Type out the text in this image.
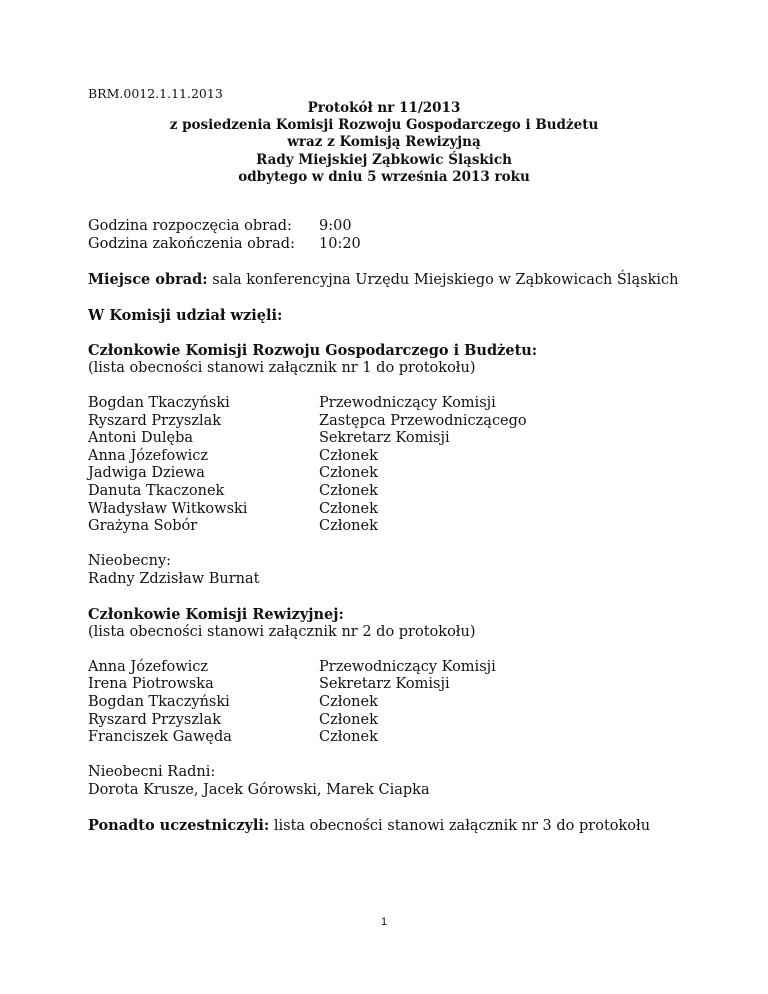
BRM.0012.1.11.2013
Protokół nr 11/2013
z posiedzenia Komisji Rozwoju Gospodarczego i Budżetu
wraz z Komisją Rewizyjną
Rady Miejskiej Ząbkowic Śląskich
odbytego w dniu 5 września 2013 roku
Godzina rozpoczęcia obrad:	9:00
Godzina zakończenia obrad:	10:20
Miejsce obrad: sala konferencyjna Urzędu Miejskiego w Ząbkowicach Śląskich
W Komisji udział wzięli:
Członkowie Komisji Rozwoju Gospodarczego i Budżetu:
(lista obecności stanowi załącznik nr 1 do protokołu)
Bogdan Tkaczyński	Przewodniczący Komisji
Ryszard Przyszlak	Zastępca Przewodniczącego
Antoni Dulęba	Sekretarz Komisji
Anna Józefowicz	Członek
Jadwiga Dziewa	Członek
Danuta Tkaczonek	Członek
Władysław Witkowski	Członek
Grażyna Sobór	Członek
Nieobecny:
Radny Zdzisław Burnat
Członkowie Komisji Rewizyjnej:
(lista obecności stanowi załącznik nr 2 do protokołu)
Anna Józefowicz	Przewodniczący Komisji
Irena Piotrowska	Sekretarz Komisji
Bogdan Tkaczyński	Członek
Ryszard Przyszlak	Członek
Franciszek Gawęda	Członek
Nieobecni Radni:
Dorota Krusze, Jacek Górowski, Marek Ciapka
Ponadto uczestniczyli: lista obecności stanowi załącznik nr 3 do protokołu
1
